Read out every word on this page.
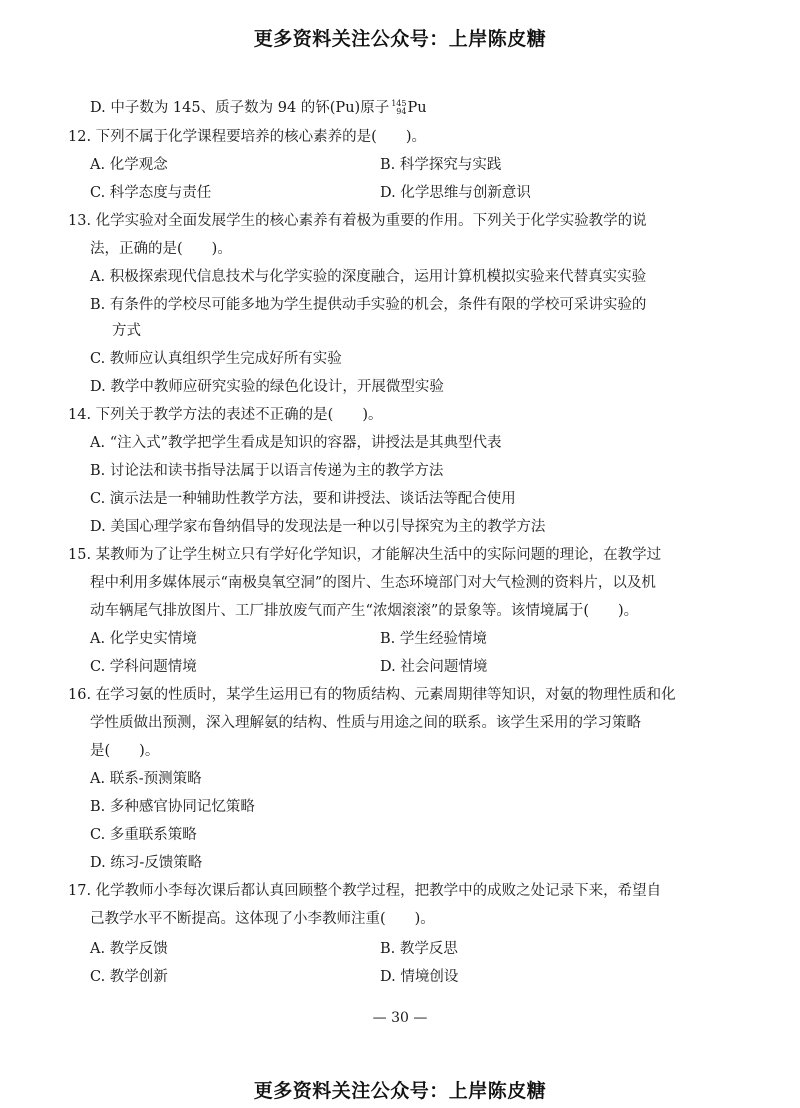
更多资料关注公众号：上岸陈皮糖
D. 中子数为 145、质子数为 94 的钚(Pu)原子 145
94 Pu
12. 下列不属于化学课程要培养的核心素养的是(　　)。
A. 化学观念	B. 科学探究与实践
C. 科学态度与责任	D. 化学思维与创新意识
13. 化学实验对全面发展学生的核心素养有着极为重要的作用。下列关于化学实验教学的说
法，正确的是(　　)。
A. 积极探索现代信息技术与化学实验的深度融合，运用计算机模拟实验来代替真实实验
B. 有条件的学校尽可能多地为学生提供动手实验的机会，条件有限的学校可采讲实验的
方式
C. 教师应认真组织学生完成好所有实验
D. 教学中教师应研究实验的绿色化设计，开展微型实验
14. 下列关于教学方法的表述不正确的是(　　)。
A. “注入式”教学把学生看成是知识的容器，讲授法是其典型代表
B. 讨论法和读书指导法属于以语言传递为主的教学方法
C. 演示法是一种辅助性教学方法，要和讲授法、谈话法等配合使用
D. 美国心理学家布鲁纳倡导的发现法是一种以引导探究为主的教学方法
15. 某教师为了让学生树立只有学好化学知识，才能解决生活中的实际问题的理论，在教学过
程中利用多媒体展示“南极臭氧空洞”的图片、生态环境部门对大气检测的资料片，以及机
动车辆尾气排放图片、工厂排放废气而产生“浓烟滚滚”的景象等。该情境属于(　　)。
A. 化学史实情境	B. 学生经验情境
C. 学科问题情境	D. 社会问题情境
16. 在学习氨的性质时，某学生运用已有的物质结构、元素周期律等知识，对氨的物理性质和化
学性质做出预测，深入理解氨的结构、性质与用途之间的联系。该学生采用的学习策略
是(　　)。
A. 联系-预测策略
B. 多种感官协同记忆策略
C. 多重联系策略
D. 练习-反馈策略
17. 化学教师小李每次课后都认真回顾整个教学过程，把教学中的成败之处记录下来，希望自
己教学水平不断提高。这体现了小李教师注重(　　)。
A. 教学反馈	B. 教学反思
C. 教学创新	D. 情境创设
— 30 —
更多资料关注公众号：上岸陈皮糖
